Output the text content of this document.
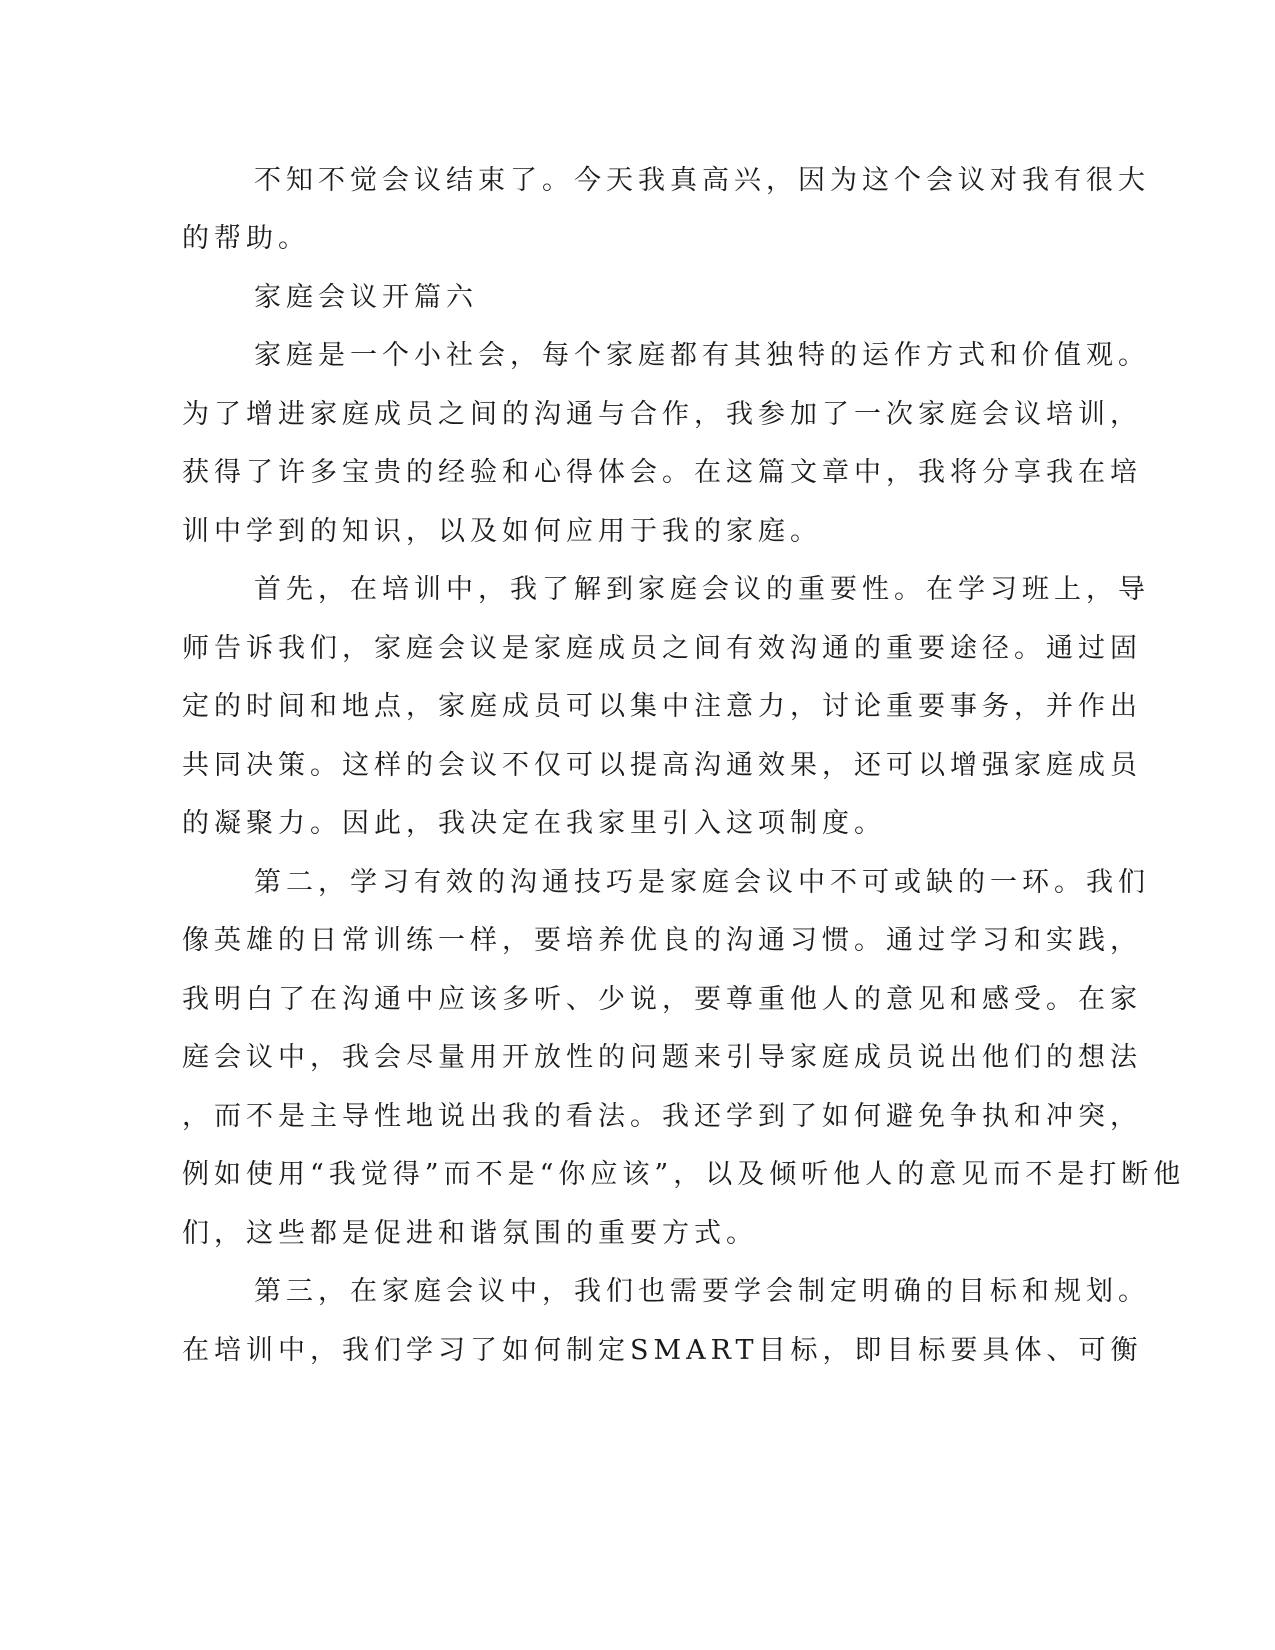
不知不觉会议结束了。今天我真高兴，因为这个会议对我有很大
的帮助。
家庭会议开篇六
家庭是一个小社会，每个家庭都有其独特的运作方式和价值观。
为了增进家庭成员之间的沟通与合作，我参加了一次家庭会议培训，
获得了许多宝贵的经验和心得体会。在这篇文章中，我将分享我在培
训中学到的知识，以及如何应用于我的家庭。
首先，在培训中，我了解到家庭会议的重要性。在学习班上，导
师告诉我们，家庭会议是家庭成员之间有效沟通的重要途径。通过固
定的时间和地点，家庭成员可以集中注意力，讨论重要事务，并作出
共同决策。这样的会议不仅可以提高沟通效果，还可以增强家庭成员
的凝聚力。因此，我决定在我家里引入这项制度。
第二，学习有效的沟通技巧是家庭会议中不可或缺的一环。我们
像英雄的日常训练一样，要培养优良的沟通习惯。通过学习和实践，
我明白了在沟通中应该多听、少说，要尊重他人的意见和感受。在家
庭会议中，我会尽量用开放性的问题来引导家庭成员说出他们的想法
，而不是主导性地说出我的看法。我还学到了如何避免争执和冲突，
例如使用“我觉得”而不是“你应该”，以及倾听他人的意见而不是打断他
们，这些都是促进和谐氛围的重要方式。
第三，在家庭会议中，我们也需要学会制定明确的目标和规划。
在培训中，我们学习了如何制定SMART目标，即目标要具体、可衡
